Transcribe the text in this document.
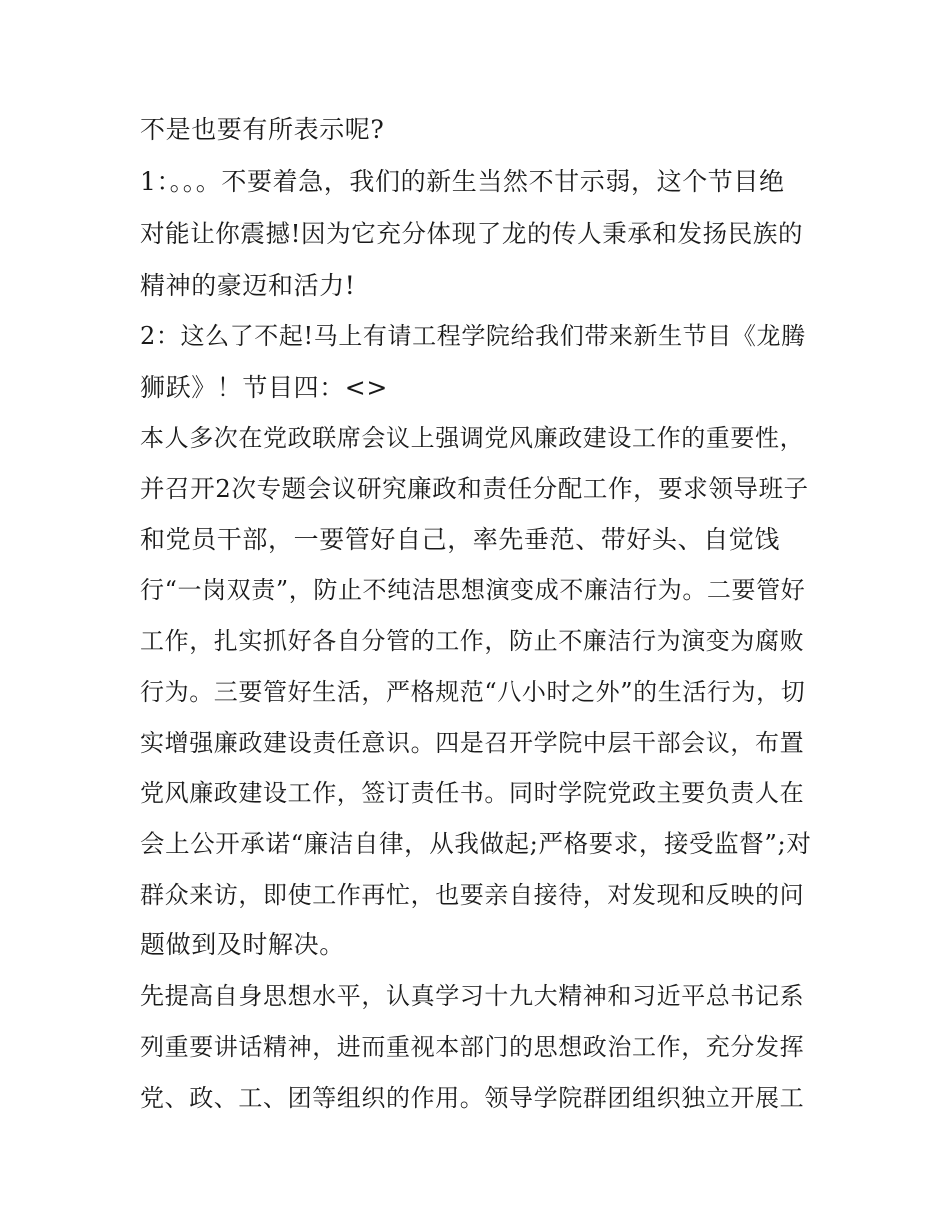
不是也要有所表示呢?
1：。。。不要着急，我们的新生当然不甘示弱，这个节目绝
对能让你震撼!因为它充分体现了龙的传人秉承和发扬民族的
精神的豪迈和活力!
2：这么了不起!马上有请工程学院给我们带来新生节目《龙腾
狮跃》！节目四：<>
本人多次在党政联席会议上强调党风廉政建设工作的重要性，
并召开2次专题会议研究廉政和责任分配工作，要求领导班子
和党员干部，一要管好自己，率先垂范、带好头、自觉饯
行“一岗双责”，防止不纯洁思想演变成不廉洁行为。二要管好
工作，扎实抓好各自分管的工作，防止不廉洁行为演变为腐败
行为。三要管好生活，严格规范“八小时之外”的生活行为，切
实增强廉政建设责任意识。四是召开学院中层干部会议，布置
党风廉政建设工作，签订责任书。同时学院党政主要负责人在
会上公开承诺“廉洁自律，从我做起;严格要求，接受监督”;对
群众来访，即使工作再忙，也要亲自接待，对发现和反映的问
题做到及时解决。
先提高自身思想水平，认真学习十九大精神和习近平总书记系
列重要讲话精神，进而重视本部门的思想政治工作，充分发挥
党、政、工、团等组织的作用。领导学院群团组织独立开展工
